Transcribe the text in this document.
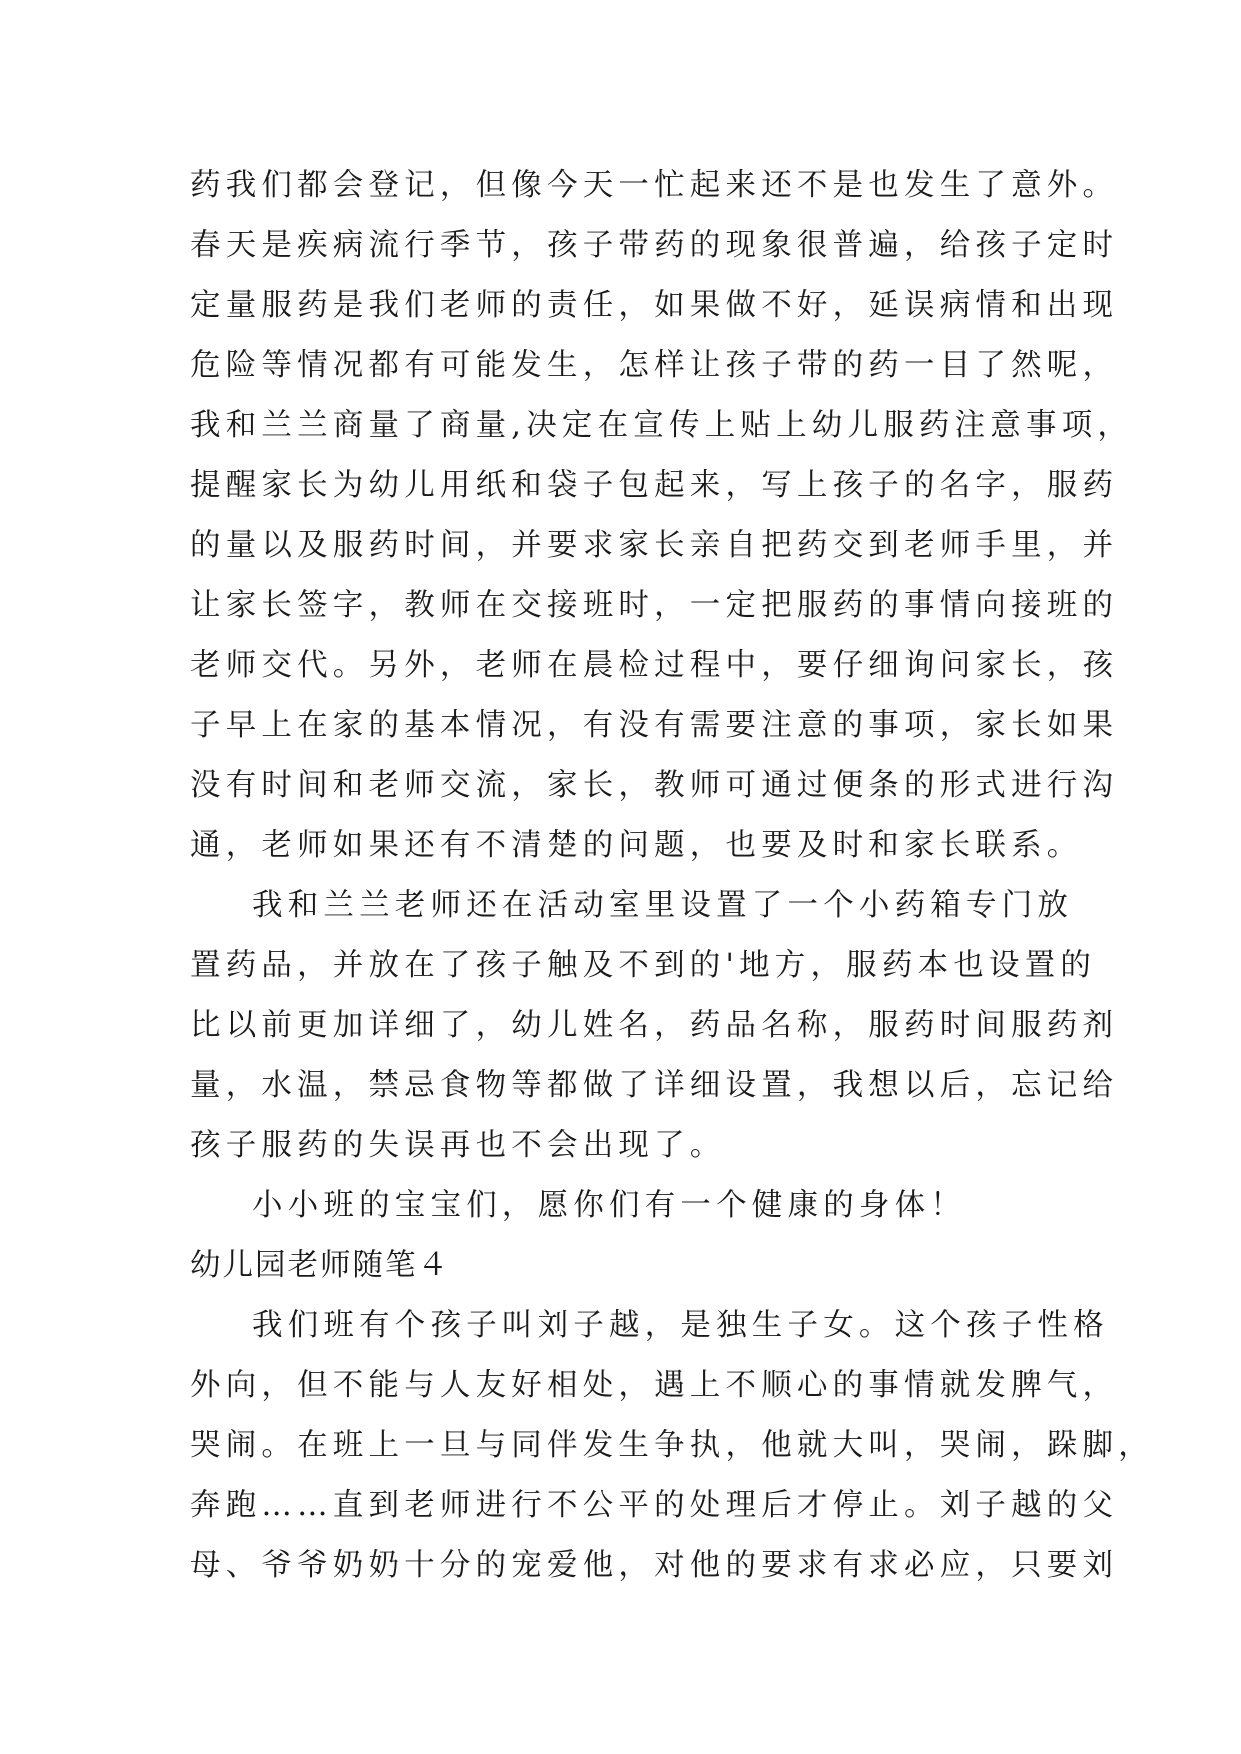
药我们都会登记，但像今天一忙起来还不是也发生了意外。
春天是疾病流行季节，孩子带药的现象很普遍，给孩子定时
定量服药是我们老师的责任，如果做不好，延误病情和出现
危险等情况都有可能发生，怎样让孩子带的药一目了然呢，
我和兰兰商量了商量,决定在宣传上贴上幼儿服药注意事项，
提醒家长为幼儿用纸和袋子包起来，写上孩子的名字，服药
的量以及服药时间，并要求家长亲自把药交到老师手里，并
让家长签字，教师在交接班时，一定把服药的事情向接班的
老师交代。另外，老师在晨检过程中，要仔细询问家长，孩
子早上在家的基本情况，有没有需要注意的事项，家长如果
没有时间和老师交流，家长，教师可通过便条的形式进行沟
通，老师如果还有不清楚的问题，也要及时和家长联系。
我和兰兰老师还在活动室里设置了一个小药箱专门放
置药品，并放在了孩子触及不到的'地方，服药本也设置的
比以前更加详细了，幼儿姓名，药品名称，服药时间服药剂
量，水温，禁忌食物等都做了详细设置，我想以后，忘记给
孩子服药的失误再也不会出现了。
小小班的宝宝们，愿你们有一个健康的身体！
幼儿园老师随笔４
我们班有个孩子叫刘子越，是独生子女。这个孩子性格
外向，但不能与人友好相处，遇上不顺心的事情就发脾气，
哭闹。在班上一旦与同伴发生争执，他就大叫，哭闹，跺脚，
奔跑……直到老师进行不公平的处理后才停止。刘子越的父
母、爷爷奶奶十分的宠爱他，对他的要求有求必应，只要刘
